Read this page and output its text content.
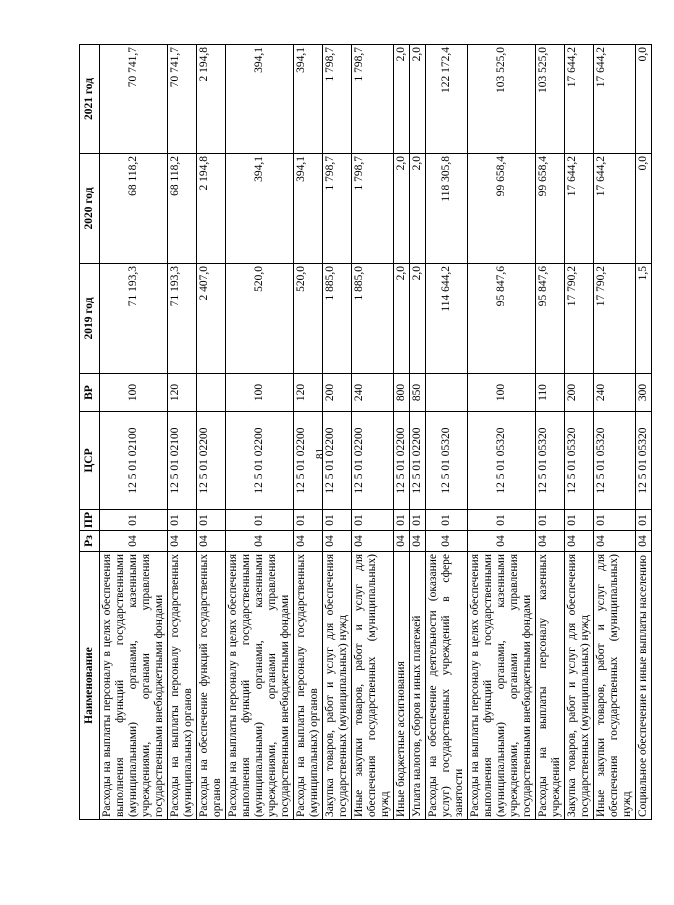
81
Наименование	Рз	ПР	ЦСР	ВР	2019 год	2020 год	2021 год
Расходы на выплаты персоналу в целях обеспечения выполнения функций государственными (муниципальными) органами, казенными учреждениями, органами управления государственными внебюджетными фондами	04	01	12 5 01 02100	100	71 193,3	68 118,2	70 741,7
Расходы на выплаты персоналу государственных (муниципальных) органов	04	01	12 5 01 02100	120	71 193,3	68 118,2	70 741,7
Расходы на обеспечение функций государственных органов	04	01	12 5 01 02200		2 407,0	2 194,8	2 194,8
Расходы на выплаты персоналу в целях обеспечения выполнения функций государственными (муниципальными) органами, казенными учреждениями, органами управления государственными внебюджетными фондами	04	01	12 5 01 02200	100	520,0	394,1	394,1
Расходы на выплаты персоналу государственных (муниципальных) органов	04	01	12 5 01 02200	120	520,0	394,1	394,1
Закупка товаров, работ и услуг для обеспечения государственных (муниципальных) нужд	04	01	12 5 01 02200	200	1 885,0	1 798,7	1 798,7
Иные закупки товаров, работ и услуг для обеспечения государственных (муниципальных) нужд	04	01	12 5 01 02200	240	1 885,0	1 798,7	1 798,7
Иные бюджетные ассигнования	04	01	12 5 01 02200	800	2,0	2,0	2,0
Уплата налогов, сборов и иных платежей	04	01	12 5 01 02200	850	2,0	2,0	2,0
Расходы на обеспечение деятельности (оказание услуг) государственных учреждений в сфере занятости	04	01	12 5 01 05320		114 644,2	118 305,8	122 172,4
Расходы на выплаты персоналу в целях обеспечения выполнения функций государственными (муниципальными) органами, казенными учреждениями, органами управления государственными внебюджетными фондами	04	01	12 5 01 05320	100	95 847,6	99 658,4	103 525,0
Расходы на выплаты персоналу казенных учреждений	04	01	12 5 01 05320	110	95 847,6	99 658,4	103 525,0
Закупка товаров, работ и услуг для обеспечения государственных (муниципальных) нужд	04	01	12 5 01 05320	200	17 790,2	17 644,2	17 644,2
Иные закупки товаров, работ и услуг для обеспечения государственных (муниципальных) нужд	04	01	12 5 01 05320	240	17 790,2	17 644,2	17 644,2
Социальное обеспечение и иные выплаты населению	04	01	12 5 01 05320	300	1,5	0,0	0,0
